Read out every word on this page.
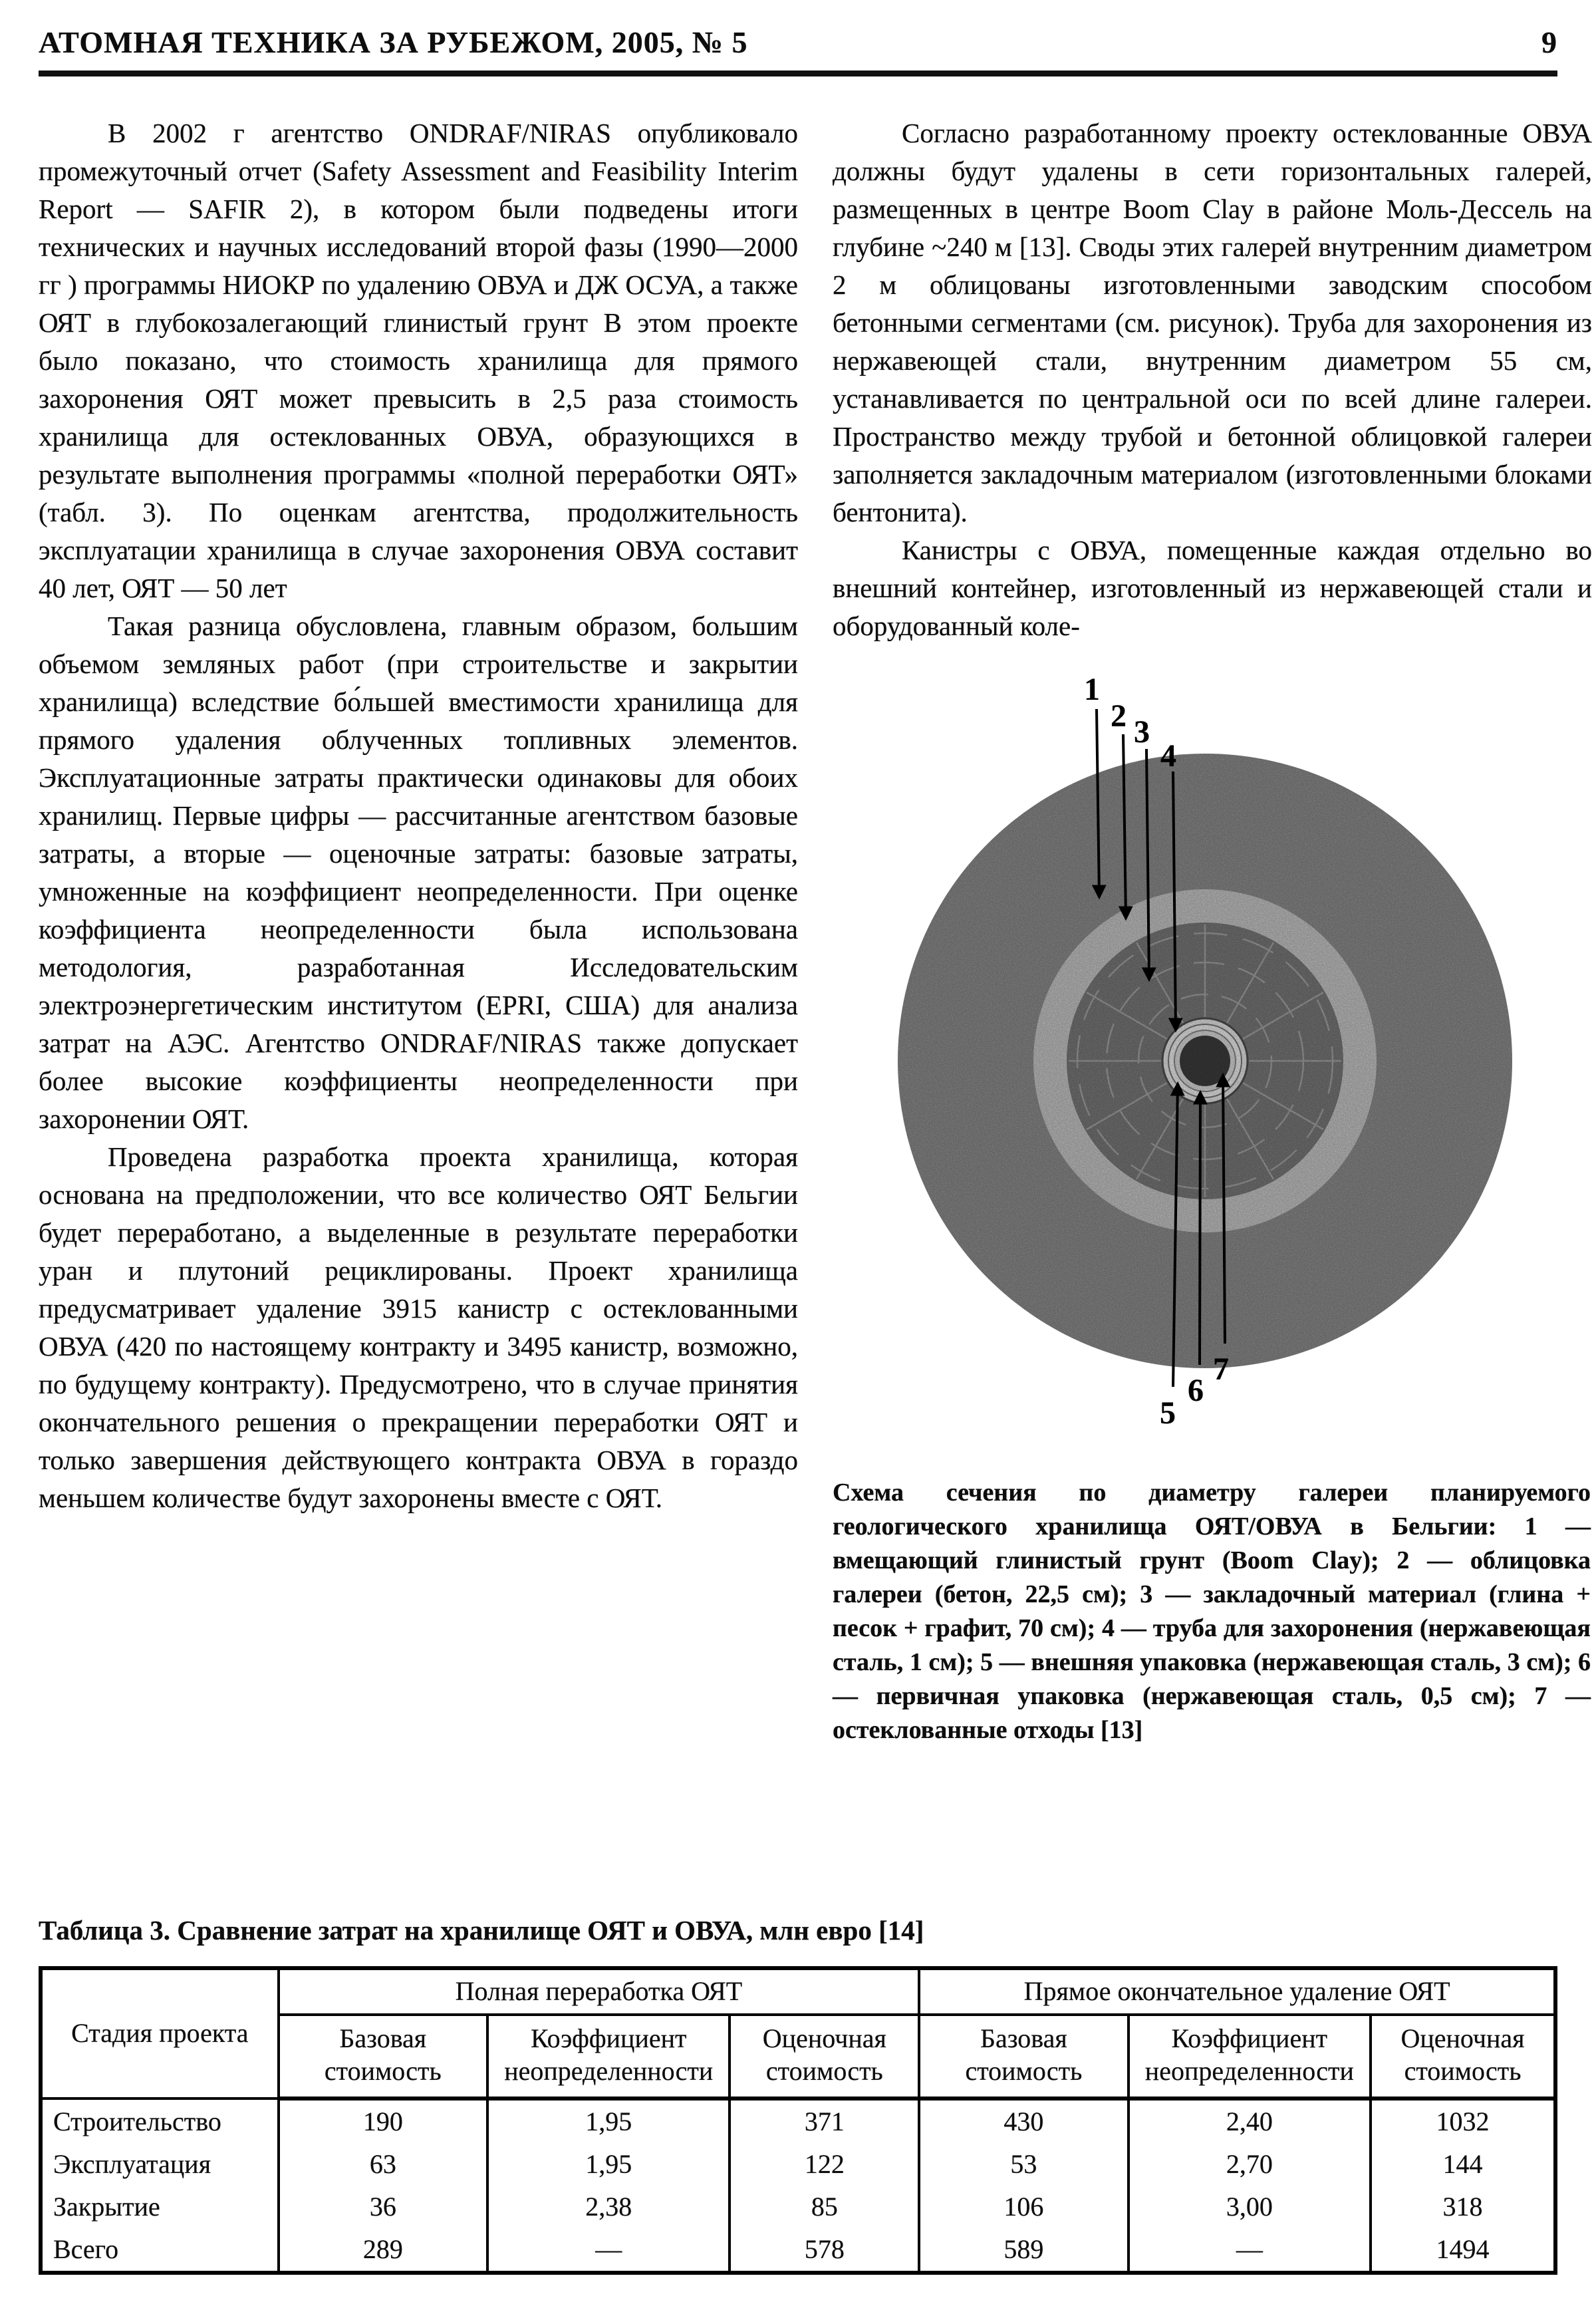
АТОМНАЯ ТЕХНИКА ЗА РУБЕЖОМ, 2005, № 5	9

В 2002 г агентство ONDRAF/NIRAS опубликовало промежуточный отчет (Safety Assessment and Feasibility Interim Report — SAFIR 2), в котором были подведены итоги технических и научных исследований второй фазы (1990—2000 гг ) программы НИОКР по удалению ОВУА и ДЖ ОСУА, а также ОЯТ в глубокозалегающий глинистый грунт В этом проекте было показано, что стоимость хранилища для прямого захоронения ОЯТ может превысить в 2,5 раза стоимость хранилища для остеклованных ОВУА, образующихся в результате выполнения программы «полной переработки ОЯТ» (табл. 3). По оценкам агентства, продолжительность эксплуатации хранилища в случае захоронения ОВУА составит 40 лет, ОЯТ — 50 лет

Такая разница обусловлена, главным образом, большим объемом земляных работ (при строительстве и закрытии хранилища) вследствие бо́льшей вместимости хранилища для прямого удаления облученных топливных элементов. Эксплуатационные затраты практически одинаковы для обоих хранилищ. Первые цифры — рассчитанные агентством базовые затраты, а вторые — оценочные затраты: базовые затраты, умноженные на коэффициент неопределенности. При оценке коэффициента неопределенности была использована методология, разработанная Исследовательским электроэнергетическим институтом (EPRI, США) для анализа затрат на АЭС. Агентство ONDRAF/NIRAS также допускает более высокие коэффициенты неопределенности при захоронении ОЯТ.

Проведена разработка проекта хранилища, которая основана на предположении, что все количество ОЯТ Бельгии будет переработано, а выделенные в результате переработки уран и плутоний рециклированы. Проект хранилища предусматривает удаление 3915 канистр с остеклованными ОВУА (420 по настоящему контракту и 3495 канистр, возможно, по будущему контракту). Предусмотрено, что в случае принятия окончательного решения о прекращении переработки ОЯТ и только завершения действующего контракта ОВУА в гораздо меньшем количестве будут захоронены вместе с ОЯТ.

Согласно разработанному проекту остеклованные ОВУА должны будут удалены в сети горизонтальных галерей, размещенных в центре Boom Clay в районе Моль-Дессель на глубине ~240 м [13]. Своды этих галерей внутренним диаметром 2 м облицованы изготовленными заводским способом бетонными сегментами (см. рисунок). Труба для захоронения из нержавеющей стали, внутренним диаметром 55 см, устанавливается по центральной оси по всей длине галереи. Пространство между трубой и бетонной облицовкой галереи заполняется закладочным материалом (изготовленными блоками бентонита).

Канистры с ОВУА, помещенные каждая отдельно во внешний контейнер, изготовленный из нержавеющей стали и оборудованный коле-

1
2 3
4
5
6
7
Схема сечения по диаметру галереи планируемого геологического хранилища ОЯТ/ОВУА в Бельгии: 1 — вмещающий глинистый грунт (Boom Clay); 2 — облицовка галереи (бетон, 22,5 см); 3 — закладочный материал (глина + песок + графит, 70 см); 4 — труба для захоронения (нержавеющая сталь, 1 см); 5 — внешняя упаковка (нержавеющая сталь, 3 см); 6 — первичная упаковка (нержавеющая сталь, 0,5 см); 7 — остеклованные отходы [13]

Таблица 3. Сравнение затрат на хранилище ОЯТ и ОВУА, млн евро [14]

Стадия проекта	Полная переработка ОЯТ			Прямое окончательное удаление ОЯТ		
	Базовая стоимость	Коэффициент неопределенности	Оценочная стоимость	Базовая стоимость	Коэффициент неопределенности	Оценочная стоимость
Строительство	190	1,95	371	430	2,40	1032
Эксплуатация	63	1,95	122	53	2,70	144
Закрытие	36	2,38	85	106	3,00	318
Всего	289	—	578	589	—	1494
